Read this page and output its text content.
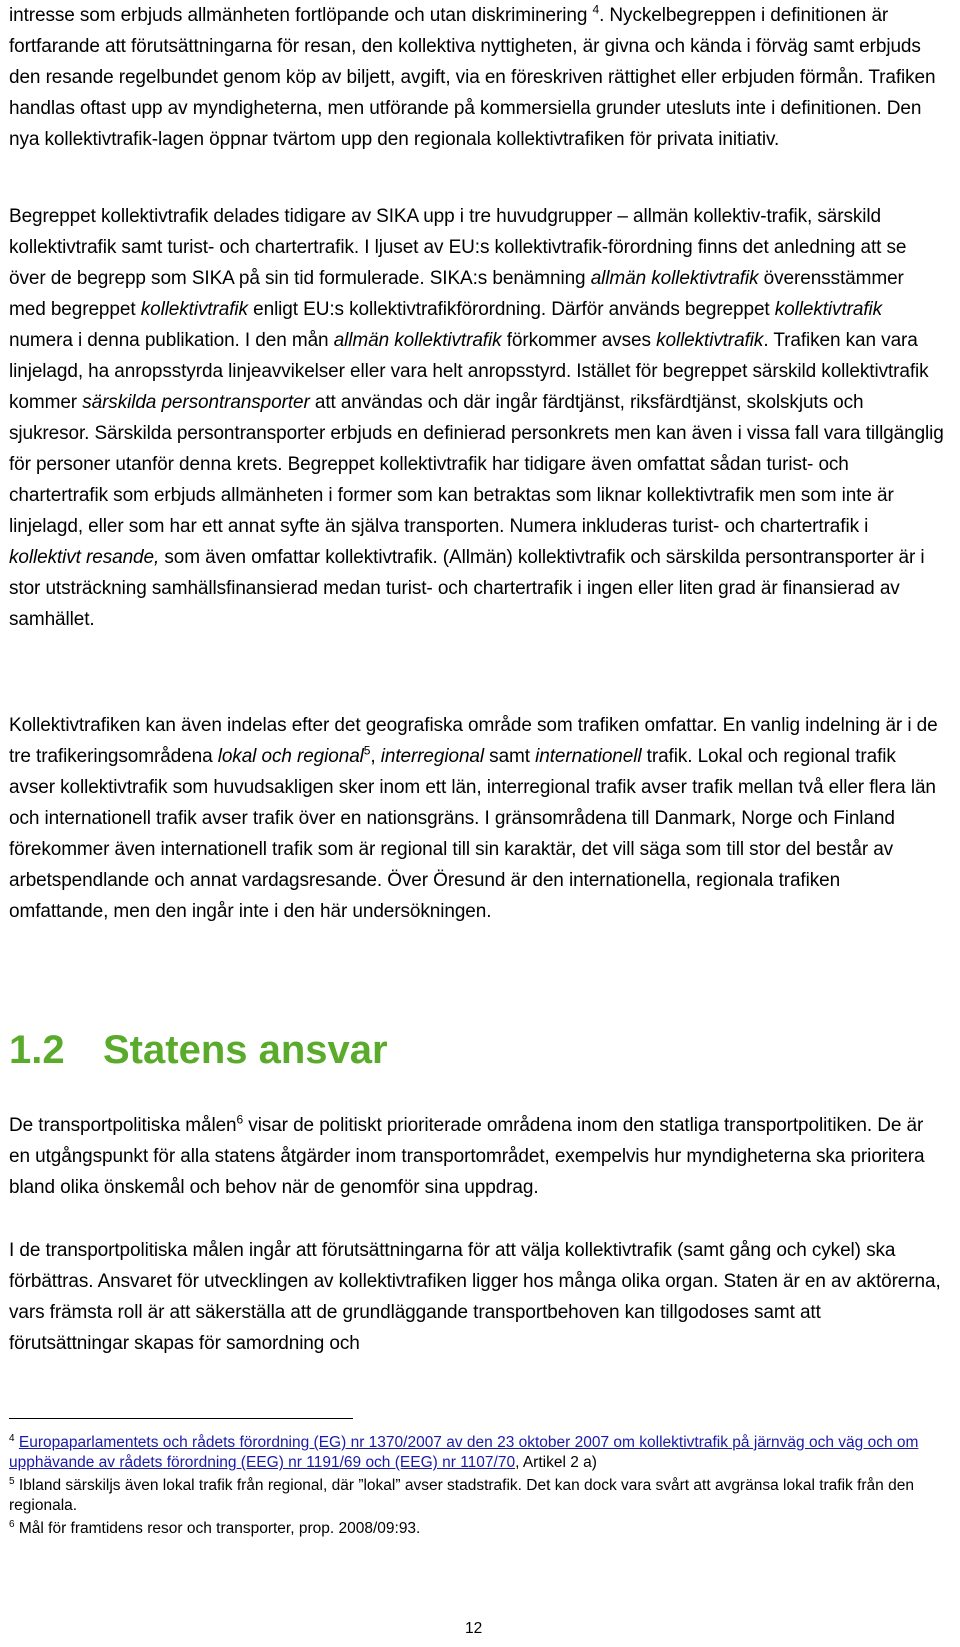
intresse som erbjuds allmänheten fortlöpande och utan diskriminering $^4$. Nyckelbegreppen i definitionen är fortfarande att förutsättningarna för resan, den kollektiva nyttigheten, är givna och kända i förväg samt erbjuds den resande regelbundet genom köp av biljett, avgift, via en föreskriven rättighet eller erbjuden förmån. Trafiken handlas oftast upp av myndigheterna, men utförande på kommersiella grunder utesluts inte i definitionen. Den nya kollektivtrafik-lagen öppnar tvärtom upp den regionala kollektivtrafiken för privata initiativ.

Begreppet kollektivtrafik delades tidigare av SIKA upp i tre huvudgrupper – allmän kollektiv-trafik, särskild kollektivtrafik samt turist- och chartertrafik. I ljuset av EU:s kollektivtrafik-förordning finns det anledning att se över de begrepp som SIKA på sin tid formulerade. SIKA:s benämning allmän kollektivtrafik överensstämmer med begreppet kollektivtrafik enligt EU:s kollektivtrafikförordning. Därför används begreppet kollektivtrafik numera i denna publikation. I den mån allmän kollektivtrafik förkommer avses kollektivtrafik. Trafiken kan vara linjelagd, ha anropsstyrda linjeavvikelser eller vara helt anropsstyrd. Istället för begreppet särskild kollektivtrafik kommer särskilda persontransporter att användas och där ingår färdtjänst, riksfärdtjänst, skolskjuts och sjukresor. Särskilda persontransporter erbjuds en definierad personkrets men kan även i vissa fall vara tillgänglig för personer utanför denna krets. Begreppet kollektivtrafik har tidigare även omfattat sådan turist- och chartertrafik som erbjuds allmänheten i former som kan betraktas som liknar kollektivtrafik men som inte är linjelagd, eller som har ett annat syfte än själva transporten. Numera inkluderas turist- och chartertrafik i kollektivt resande, som även omfattar kollektivtrafik. (Allmän) kollektivtrafik och särskilda persontransporter är i stor utsträckning samhällsfinansierad medan turist- och chartertrafik i ingen eller liten grad är finansierad av samhället.

Kollektivtrafiken kan även indelas efter det geografiska område som trafiken omfattar. En vanlig indelning är i de tre trafikeringsområdena lokal och regional$^5$, interregional samt internationell trafik. Lokal och regional trafik avser kollektivtrafik som huvudsakligen sker inom ett län, interregional trafik avser trafik mellan två eller flera län och internationell trafik avser trafik över en nationsgräns. I gränsområdena till Danmark, Norge och Finland förekommer även internationell trafik som är regional till sin karaktär, det vill säga som till stor del består av arbetspendlande och annat vardagsresande. Över Öresund är den internationella, regionala trafiken omfattande, men den ingår inte i den här undersökningen.

1.2 Statens ansvar

De transportpolitiska målen$^6$ visar de politiskt prioriterade områdena inom den statliga transportpolitiken. De är en utgångspunkt för alla statens åtgärder inom transportområdet, exempelvis hur myndigheterna ska prioritera bland olika önskemål och behov när de genomför sina uppdrag.

I de transportpolitiska målen ingår att förutsättningarna för att välja kollektivtrafik (samt gång och cykel) ska förbättras. Ansvaret för utvecklingen av kollektivtrafiken ligger hos många olika organ. Staten är en av aktörerna, vars främsta roll är att säkerställa att de grundläggande transportbehoven kan tillgodoses samt att förutsättningar skapas för samordning och

$^4$ Europaparlamentets och rådets förordning (EG) nr 1370/2007 av den 23 oktober 2007 om kollektivtrafik på järnväg och väg och om upphävande av rådets förordning (EEG) nr 1191/69 och (EEG) nr 1107/70, Artikel 2 a)

$^5$ Ibland särskiljs även lokal trafik från regional, där ”lokal” avser stadstrafik. Det kan dock vara svårt att avgränsa lokal trafik från den regionala.

$^6$ Mål för framtidens resor och transporter, prop. 2008/09:93.

12
